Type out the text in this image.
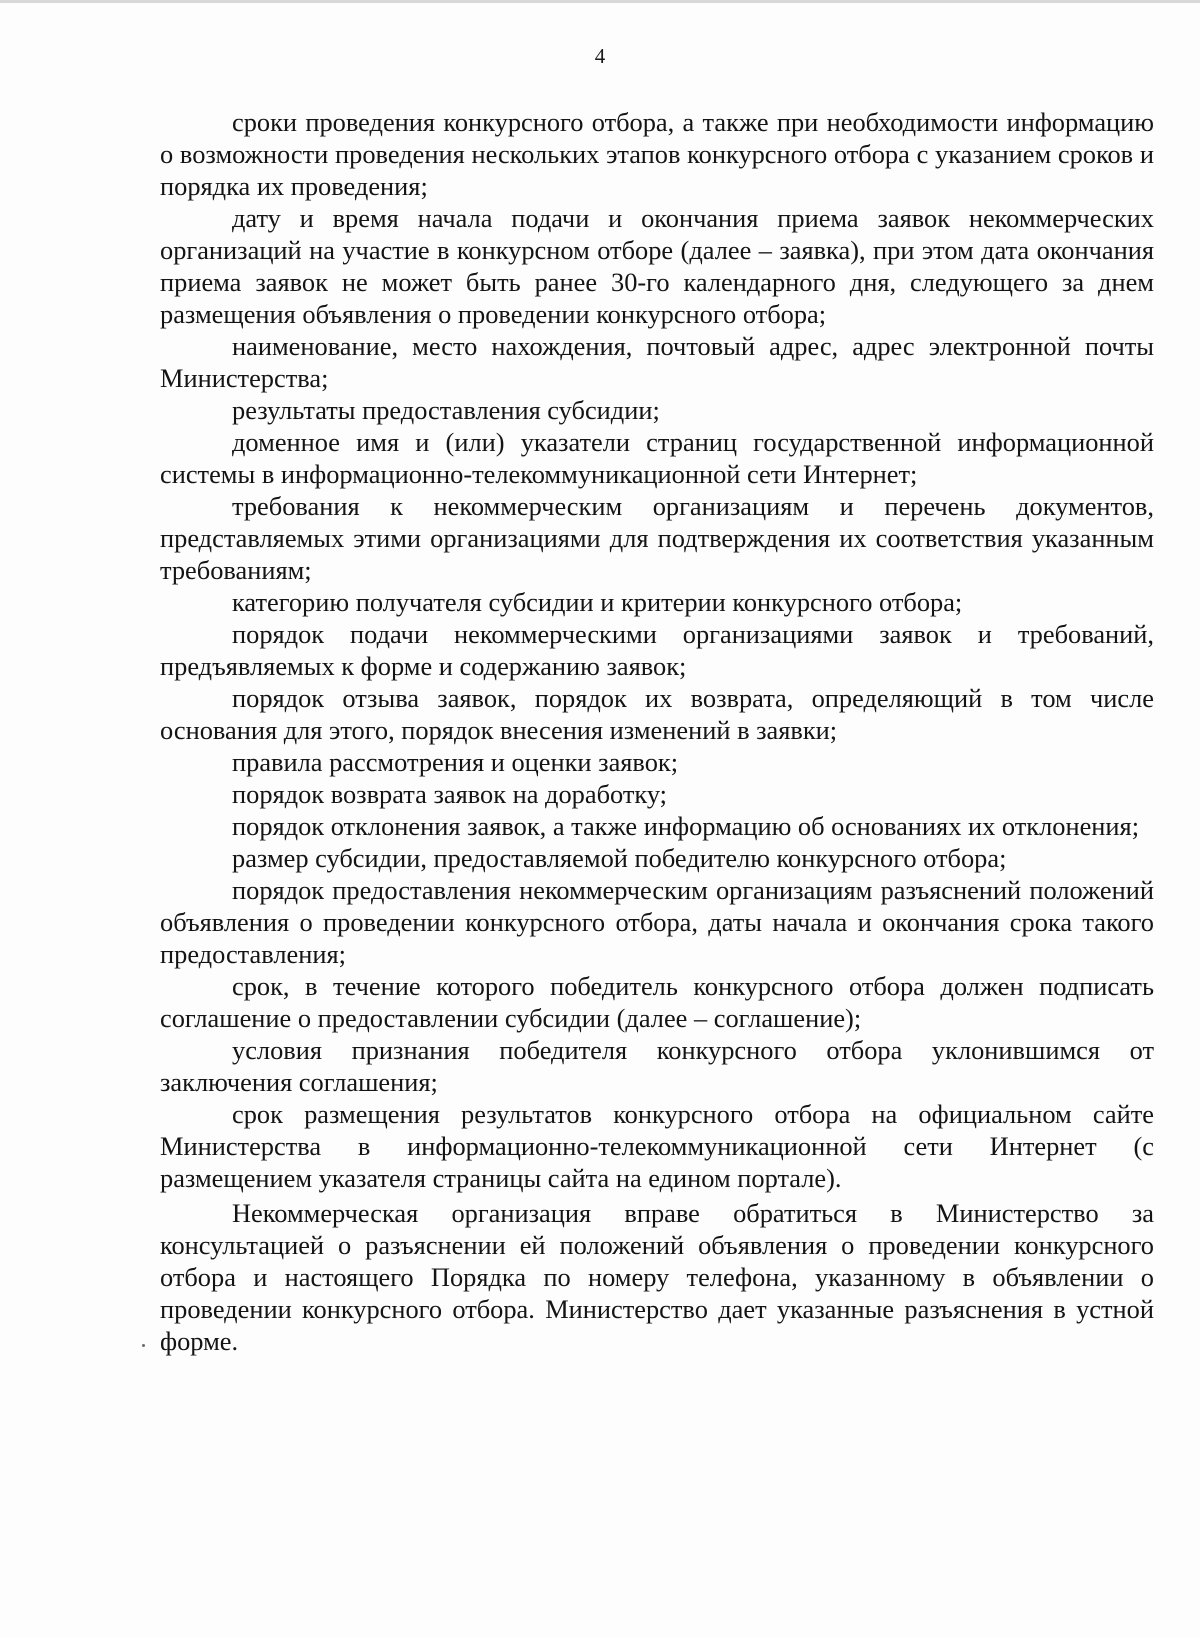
4

сроки проведения конкурсного отбора, а также при необходимости информацию о возможности проведения нескольких этапов конкурсного отбора с указанием сроков и порядка их проведения;

дату и время начала подачи и окончания приема заявок некоммерческих организаций на участие в конкурсном отборе (далее – заявка), при этом дата окончания приема заявок не может быть ранее 30-го календарного дня, следующего за днем размещения объявления о проведении конкурсного отбора;

наименование, место нахождения, почтовый адрес, адрес электронной почты Министерства;

результаты предоставления субсидии;

доменное имя и (или) указатели страниц государственной информационной системы в информационно-телекоммуникационной сети Интернет;

требования к некоммерческим организациям и перечень документов, представляемых этими организациями для подтверждения их соответствия указанным требованиям;

категорию получателя субсидии и критерии конкурсного отбора;

порядок подачи некоммерческими организациями заявок и требований, предъявляемых к форме и содержанию заявок;

порядок отзыва заявок, порядок их возврата, определяющий в том числе основания для этого, порядок внесения изменений в заявки;

правила рассмотрения и оценки заявок;

порядок возврата заявок на доработку;

порядок отклонения заявок, а также информацию об основаниях их отклонения;

размер субсидии, предоставляемой победителю конкурсного отбора;

порядок предоставления некоммерческим организациям разъяснений положений объявления о проведении конкурсного отбора, даты начала и окончания срока такого предоставления;

срок, в течение которого победитель конкурсного отбора должен подписать соглашение о предоставлении субсидии (далее – соглашение);

условия признания победителя конкурсного отбора уклонившимся от заключения соглашения;

срок размещения результатов конкурсного отбора на официальном сайте Министерства в информационно-телекоммуникационной сети Интернет (с размещением указателя страницы сайта на едином портале).

Некоммерческая организация вправе обратиться в Министерство за консультацией о разъяснении ей положений объявления о проведении конкурсного отбора и настоящего Порядка по номеру телефона, указанному в объявлении о проведении конкурсного отбора. Министерство дает указанные разъяснения в устной форме.
